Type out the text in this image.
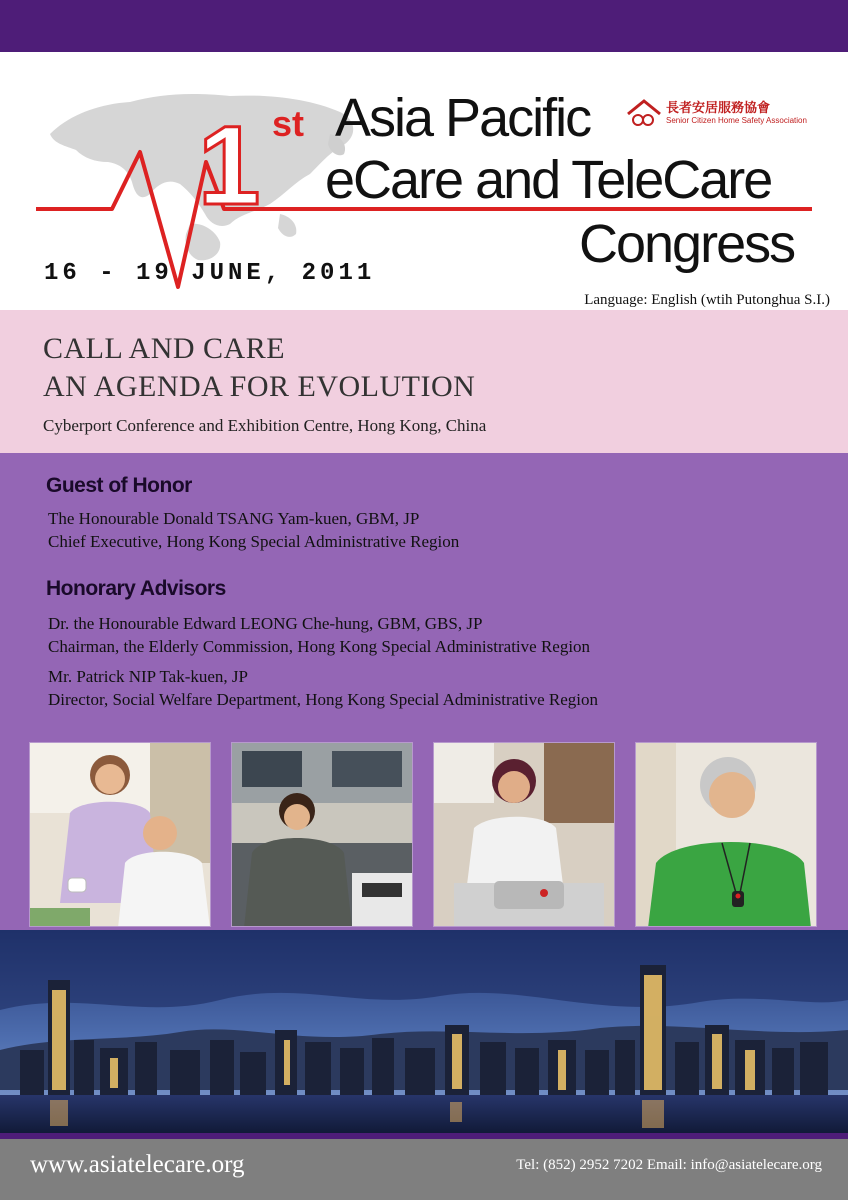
1 st Asia Pacific
eCare and TeleCare
Congress
長者安居服務協會
Senior Citizen Home Safety Association
16 - 19 JUNE, 2011
Language: English (wtih Putonghua S.I.)
CALL AND CARE
AN AGENDA FOR EVOLUTION
Cyberport Conference and Exhibition Centre, Hong Kong, China
Guest of Honor
The Honourable Donald TSANG Yam-kuen, GBM, JP
Chief Executive, Hong Kong Special Administrative Region
Honorary Advisors
Dr. the Honourable Edward LEONG Che-hung, GBM, GBS, JP
Chairman, the Elderly Commission, Hong Kong Special Administrative Region
Mr. Patrick NIP Tak-kuen, JP
Director, Social Welfare Department, Hong Kong Special Administrative Region
www.asiatelecare.org	Tel: (852) 2952 7202 Email: info@asiatelecare.org
